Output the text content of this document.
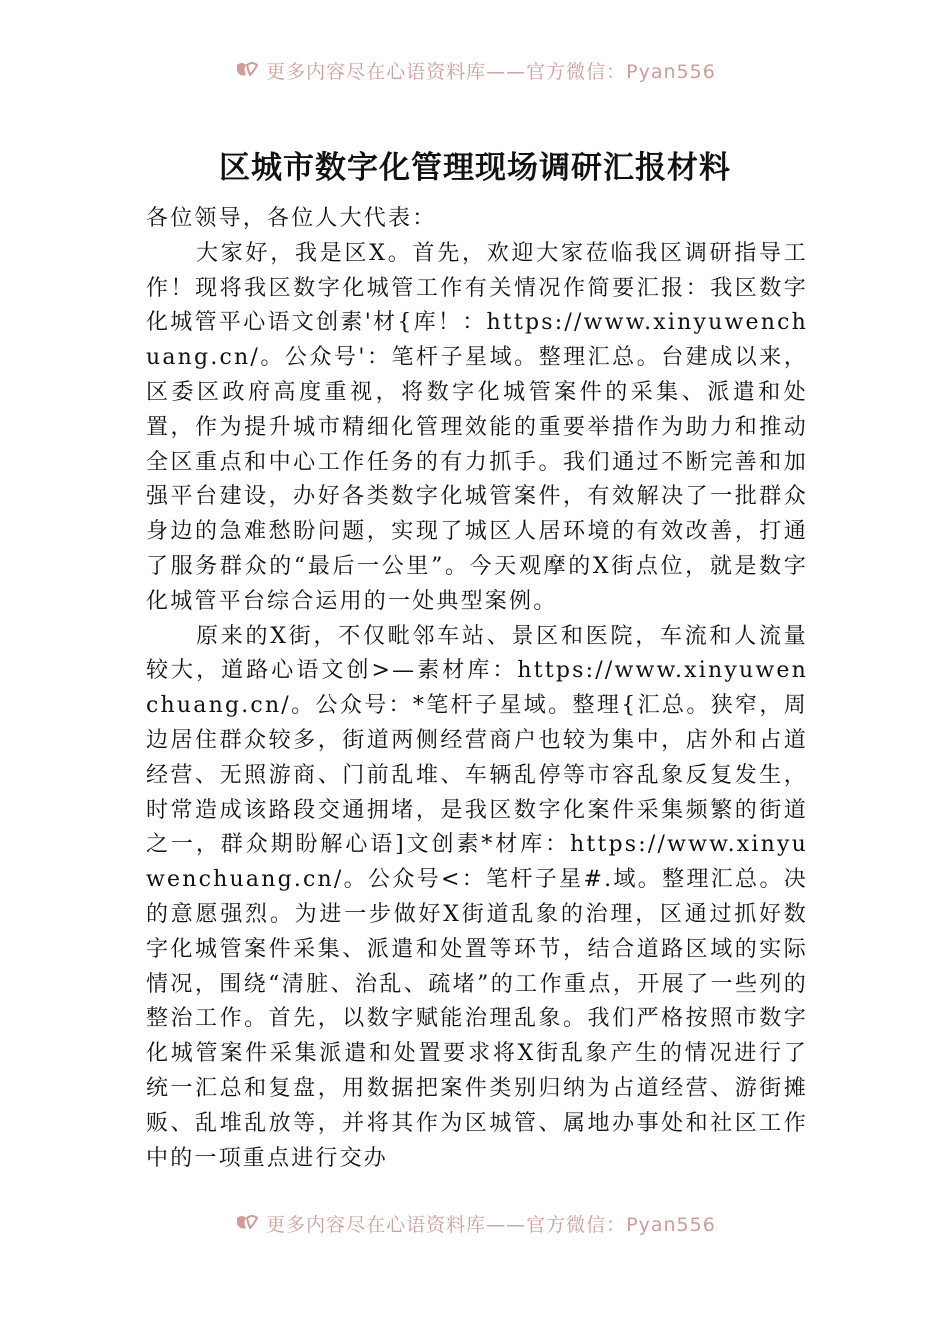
更多内容尽在心语资料库——官方微信：Pyan556
区城市数字化管理现场调研汇报材料

各位领导，各位人大代表：

大家好，我是区X。首先，欢迎大家莅临我区调研指导工作！现将我区数字化城管工作有关情况作简要汇报：我区数字化城管平心语文创素'材{库！：https://www.xinyuwenchuang.cn/。公众号'：笔杆子星域。整理汇总。台建成以来，区委区政府高度重视，将数字化城管案件的采集、派遣和处置，作为提升城市精细化管理效能的重要举措作为助力和推动全区重点和中心工作任务的有力抓手。我们通过不断完善和加强平台建设，办好各类数字化城管案件，有效解决了一批群众身边的急难愁盼问题，实现了城区人居环境的有效改善，打通了服务群众的“最后一公里”。今天观摩的X街点位，就是数字化城管平台综合运用的一处典型案例。

原来的X街，不仅毗邻车站、景区和医院，车流和人流量较大，道路心语文创>—素材库：https://www.xinyuwenchuang.cn/。公众号：*笔杆子星域。整理{汇总。狭窄，周边居住群众较多，街道两侧经营商户也较为集中，店外和占道经营、无照游商、门前乱堆、车辆乱停等市容乱象反复发生，时常造成该路段交通拥堵，是我区数字化案件采集频繁的街道之一，群众期盼解心语]文创素*材库：https://www.xinyuwenchuang.cn/。公众号<：笔杆子星#.域。整理汇总。决的意愿强烈。为进一步做好X街道乱象的治理，区通过抓好数字化城管案件采集、派遣和处置等环节，结合道路区域的实际情况，围绕“清脏、治乱、疏堵”的工作重点，开展了一些列的整治工作。首先，以数字赋能治理乱象。我们严格按照市数字化城管案件采集派遣和处置要求将X街乱象产生的情况进行了统一汇总和复盘，用数据把案件类别归纳为占道经营、游街摊贩、乱堆乱放等，并将其作为区城管、属地办事处和社区工作中的一项重点进行交办

更多内容尽在心语资料库——官方微信：Pyan556
